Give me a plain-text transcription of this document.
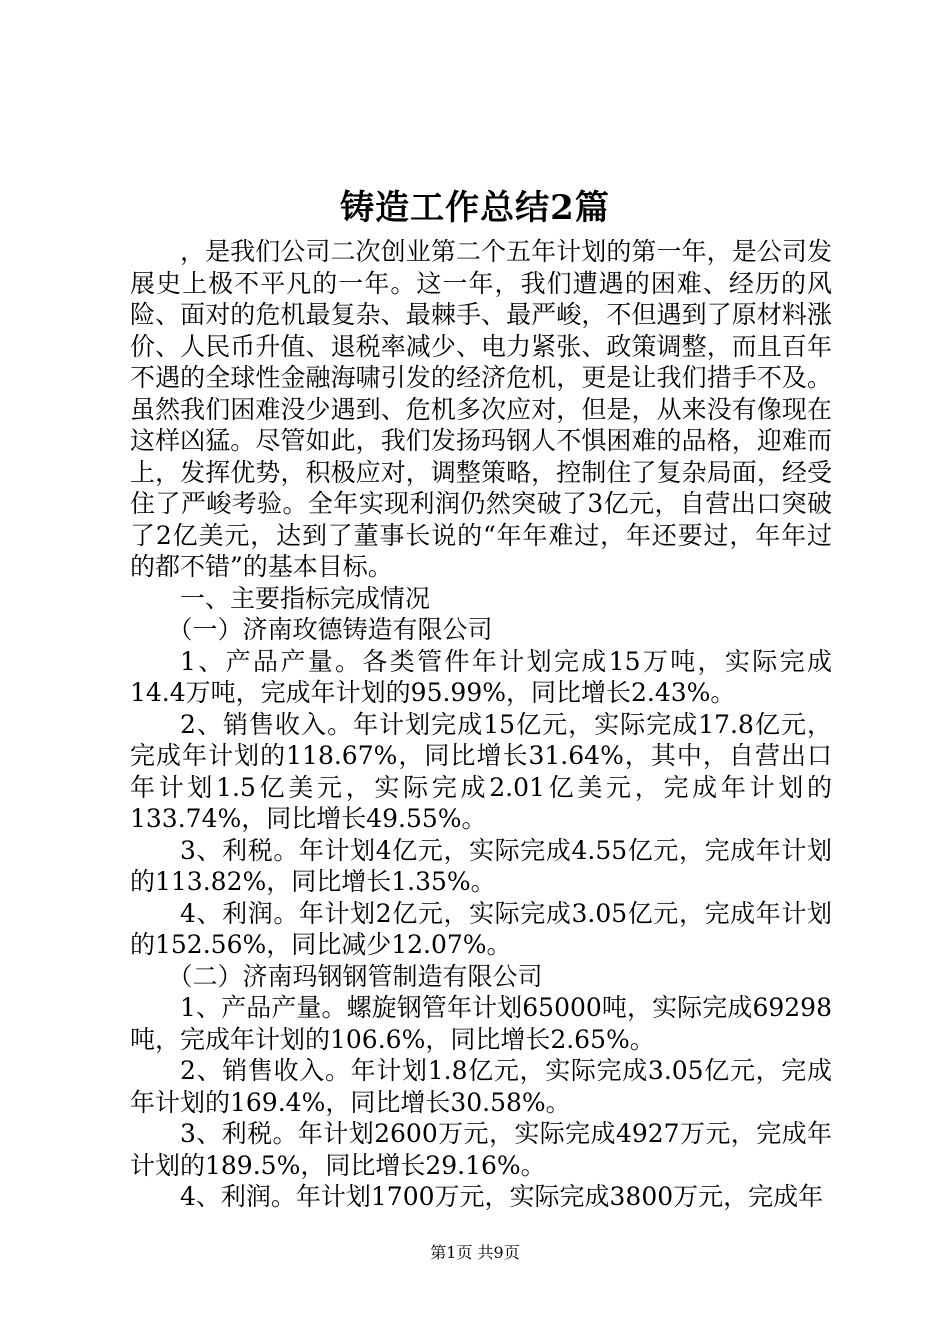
铸造工作总结2篇

，是我们公司二次创业第二个五年计划的第一年，是公司发展史上极不平凡的一年。这一年，我们遭遇的困难、经历的风险、面对的危机最复杂、最棘手、最严峻，不但遇到了原材料涨价、人民币升值、退税率减少、电力紧张、政策调整，而且百年不遇的全球性金融海啸引发的经济危机，更是让我们措手不及。虽然我们困难没少遇到、危机多次应对，但是，从来没有像现在这样凶猛。尽管如此，我们发扬玛钢人不惧困难的品格，迎难而上，发挥优势，积极应对，调整策略，控制住了复杂局面，经受住了严峻考验。全年实现利润仍然突破了3亿元，自营出口突破了2亿美元，达到了董事长说的“年年难过，年还要过，年年过的都不错”的基本目标。

一、主要指标完成情况

（一）济南玫德铸造有限公司

1、产品产量。各类管件年计划完成15万吨，实际完成14.4万吨，完成年计划的95.99%，同比增长2.43%。

2、销售收入。年计划完成15亿元，实际完成17.8亿元，完成年计划的118.67%，同比增长31.64%，其中，自营出口年计划1.5亿美元，实际完成2.01亿美元，完成年计划的133.74%，同比增长49.55%。

3、利税。年计划4亿元，实际完成4.55亿元，完成年计划的113.82%，同比增长1.35%。

4、利润。年计划2亿元，实际完成3.05亿元，完成年计划的152.56%，同比减少12.07%。

（二）济南玛钢钢管制造有限公司

1、产品产量。螺旋钢管年计划65000吨，实际完成69298吨，完成年计划的106.6%，同比增长2.65%。

2、销售收入。年计划1.8亿元，实际完成3.05亿元，完成年计划的169.4%，同比增长30.58%。

3、利税。年计划2600万元，实际完成4927万元，完成年计划的189.5%，同比增长29.16%。

4、利润。年计划1700万元，实际完成3800万元，完成年

第1页 共9页
